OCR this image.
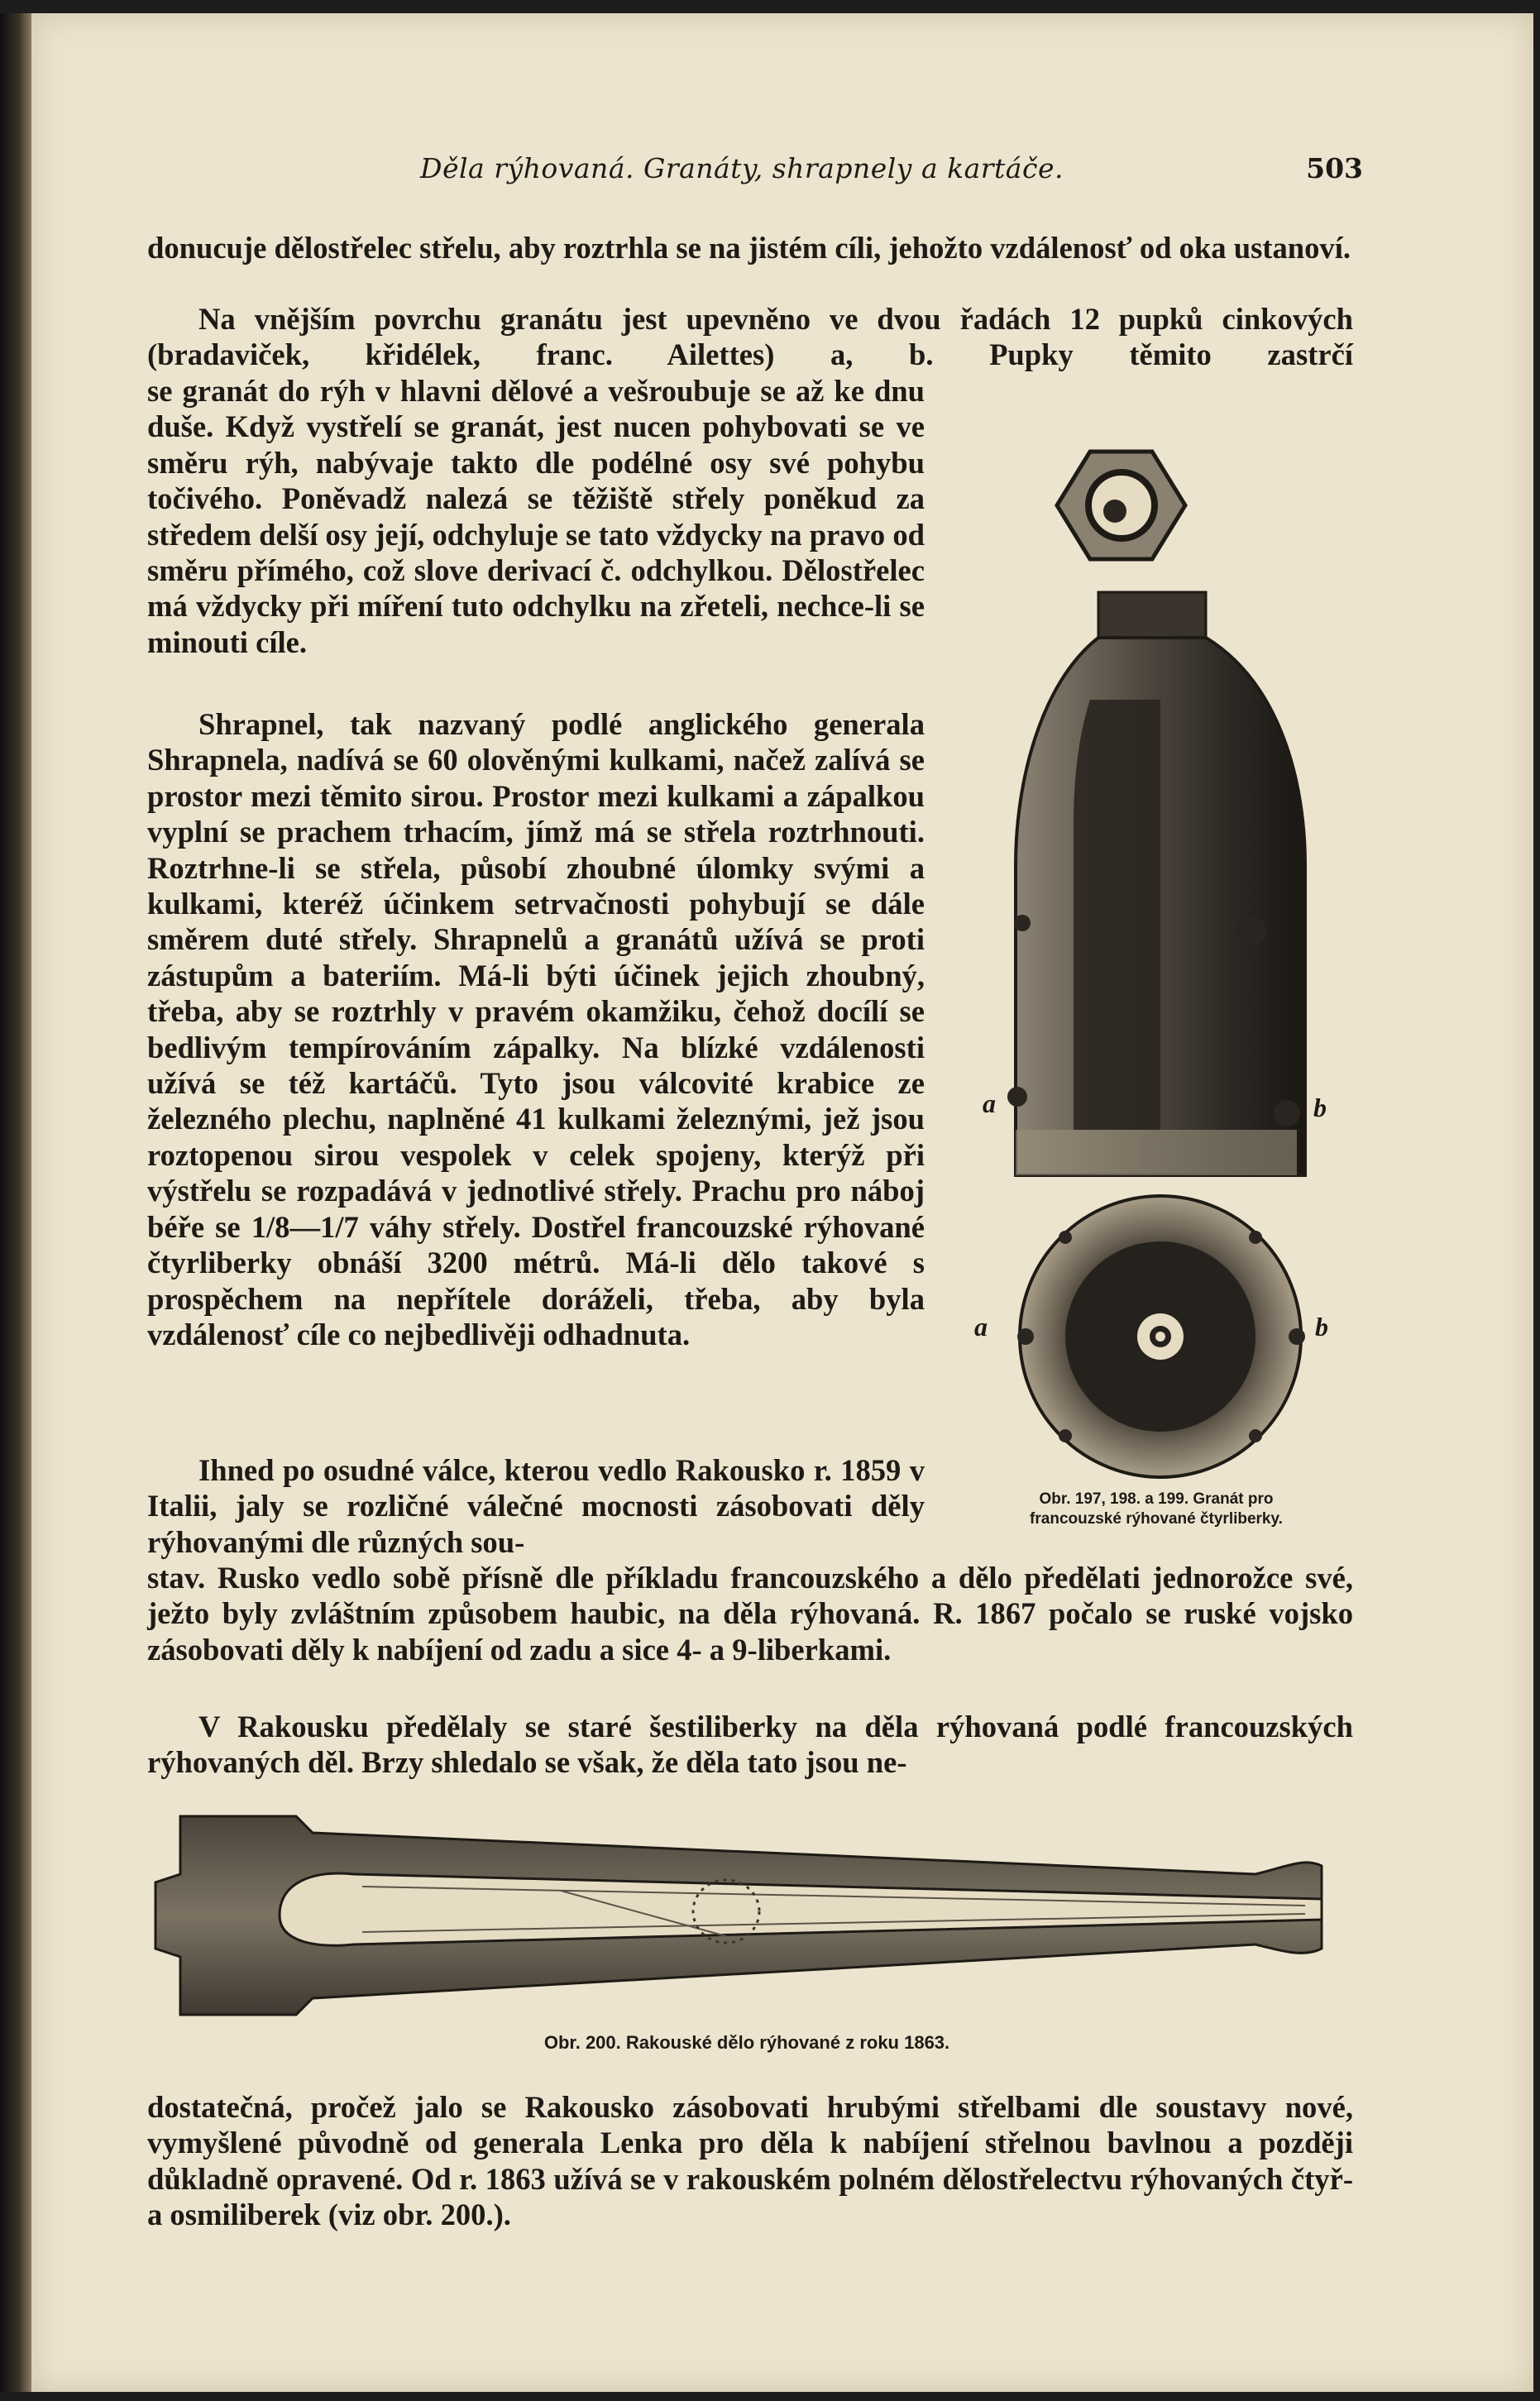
Děla rýhovaná. Granáty, shrapnely a kartáče.	503

donucuje dělostřelec střelu, aby roztrhla se na jistém cíli, jehožto vzdálenosť od oka ustanoví.

Na vnějším povrchu granátu jest upevněno ve dvou řadách 12 pupků cinkových (bradaviček, křidélek, franc. Ailettes) a, b. Pupky těmito zastrčí

se granát do rýh v hlavni dělové a vešroubuje se až ke dnu duše. Když vystřelí se granát, jest nucen pohybovati se ve směru rýh, nabývaje takto dle podélné osy své pohybu točivého. Poněvadž nalezá se těžiště střely poněkud za středem delší osy její, odchyluje se tato vždycky na pravo od směru přímého, což slove derivací č. odchylkou. Dělostřelec má vždycky při míření tuto odchylku na zřeteli, nechce-li se minouti cíle.

Shrapnel, tak nazvaný podlé anglického generala Shrapnela, nadívá se 60 olověnými kulkami, načež zalívá se prostor mezi těmito sirou. Prostor mezi kulkami a zápalkou vyplní se prachem trhacím, jímž má se střela roztrhnouti. Roztrhne-li se střela, působí zhoubné úlomky svými a kulkami, kteréž účinkem setrvačnosti pohybují se dále směrem duté střely. Shrapnelů a granátů užívá se proti zástupům a bateriím. Má-li býti účinek jejich zhoubný, třeba, aby se roztrhly v pravém okamžiku, čehož docílí se bedlivým tempírováním zápalky. Na blízké vzdálenosti užívá se též kartáčů. Tyto jsou válcovité krabice ze železného plechu, naplněné 41 kulkami železnými, jež jsou roztopenou sirou vespolek v celek spojeny, kterýž při výstřelu se rozpadává v jednotlivé střely. Prachu pro náboj béře se 1/8—1/7 váhy střely. Dostřel francouzské rýhované čtyrliberky obnáší 3200 métrů. Má-li dělo takové s prospěchem na nepřítele doráželi, třeba, aby byla vzdálenosť cíle co nejbedlivěji odhadnuta.

Ihned po osudné válce, kterou vedlo Rakousko r. 1859 v Italii, jaly se rozličné válečné mocnosti zásobovati děly rýhovanými dle různých sou-

stav. Rusko vedlo sobě přísně dle příkladu francouzského a dělo předělati jednorožce své, ježto byly zvláštním způsobem haubic, na děla rýhovaná. R. 1867 počalo se ruské vojsko zásobovati děly k nabíjení od zadu a sice 4- a 9-liberkami.

V Rakousku předělaly se staré šestiliberky na děla rýhovaná podlé francouzských rýhovaných děl. Brzy shledalo se však, že děla tato jsou ne-

a	b
a	b
Obr. 197, 198. a 199. Granát pro
francouzské rýhované čtyrliberky.
Obr. 200. Rakouské dělo rýhované z roku 1863.

dostatečná, pročež jalo se Rakousko zásobovati hrubými střelbami dle soustavy nové, vymyšlené původně od generala Lenka pro děla k nabíjení střelnou bavlnou a později důkladně opravené. Od r. 1863 užívá se v rakouském polném dělostřelectvu rýhovaných čtyř- a osmiliberek (viz obr. 200.).
